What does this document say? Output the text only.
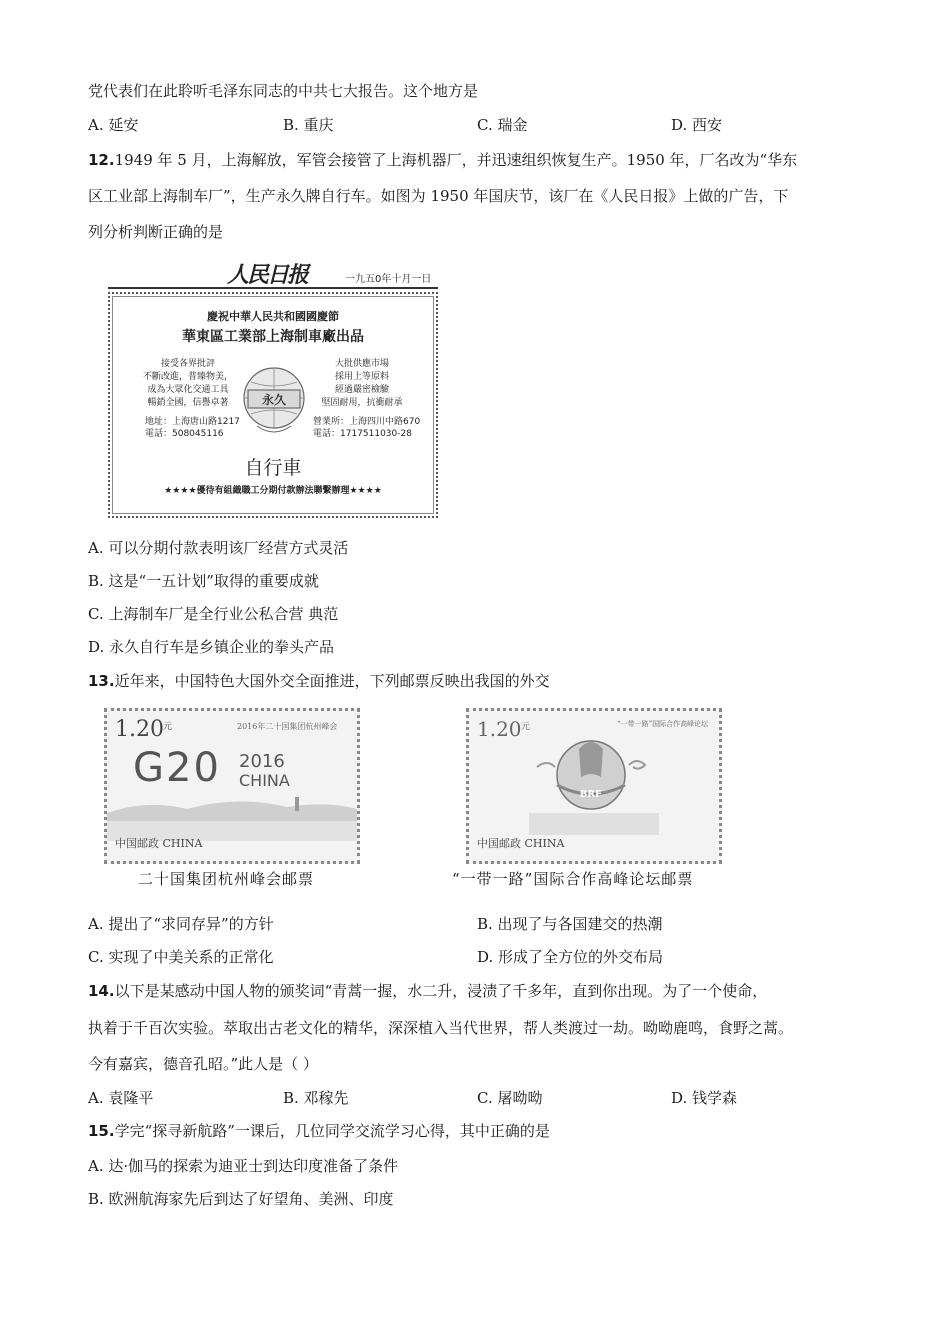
党代表们在此聆听毛泽东同志的中共七大报告。这个地方是
A. 延安	B. 重庆	C. 瑞金	D. 西安
12.1949 年 5 月，上海解放，军管会接管了上海机器厂，并迅速组织恢复生产。1950 年，厂名改为“华东
区工业部上海制车厂”，生产永久牌自行车。如图为 1950 年国庆节，该厂在《人民日报》上做的广告，下
列分析判断正确的是
人民日报	一九五0年十月一日
慶祝中華人民共和國國慶節
華東區工業部上海制車廠出品
接受各界批評
不斷改進，普臻物美，
成為大眾化交通工具
暢銷全國，信譽卓著
大批供應市場
採用上等原料
經過嚴密檢驗
堅固耐用，抗衝耐承
永久
地址：上海唐山路1217
電話：508045116
營業所：上海四川中路670
電話：1717511030-28
自行車
★★★★優待有組織職工分期付款辦法聯繫辦理★★★★
A. 可以分期付款表明该厂经营方式灵活
B. 这是“一五计划”取得的重要成就
C. 上海制车厂是全行业公私合营 典范
D. 永久自行车是乡镇企业的拳头产品
13.近年来，中国特色大国外交全面推进，下列邮票反映出我国的外交
1.20 元	2016年二十国集团杭州峰会
G20 2016
CHINA
中国邮政 CHINA
二十国集团杭州峰会邮票
1.20 元	“一带一路”国际合作高峰论坛
BRF
中国邮政 CHINA
“一带一路”国际合作高峰论坛邮票
A. 提出了“求同存异”的方针	B. 出现了与各国建交的热潮
C. 实现了中美关系的正常化	D. 形成了全方位的外交布局
14.以下是某感动中国人物的颁奖词“青蒿一握，水二升，浸渍了千多年，直到你出现。为了一个使命，
执着于千百次实验。萃取出古老文化的精华，深深植入当代世界，帮人类渡过一劫。呦呦鹿鸣，食野之蒿。
今有嘉宾，德音孔昭。”此人是（ ）
A. 袁隆平	B. 邓稼先	C. 屠呦呦	D. 钱学森
15.学完“探寻新航路”一课后，几位同学交流学习心得，其中正确的是
A. 达·伽马的探索为迪亚士到达印度准备了条件
B. 欧洲航海家先后到达了好望角、美洲、印度
